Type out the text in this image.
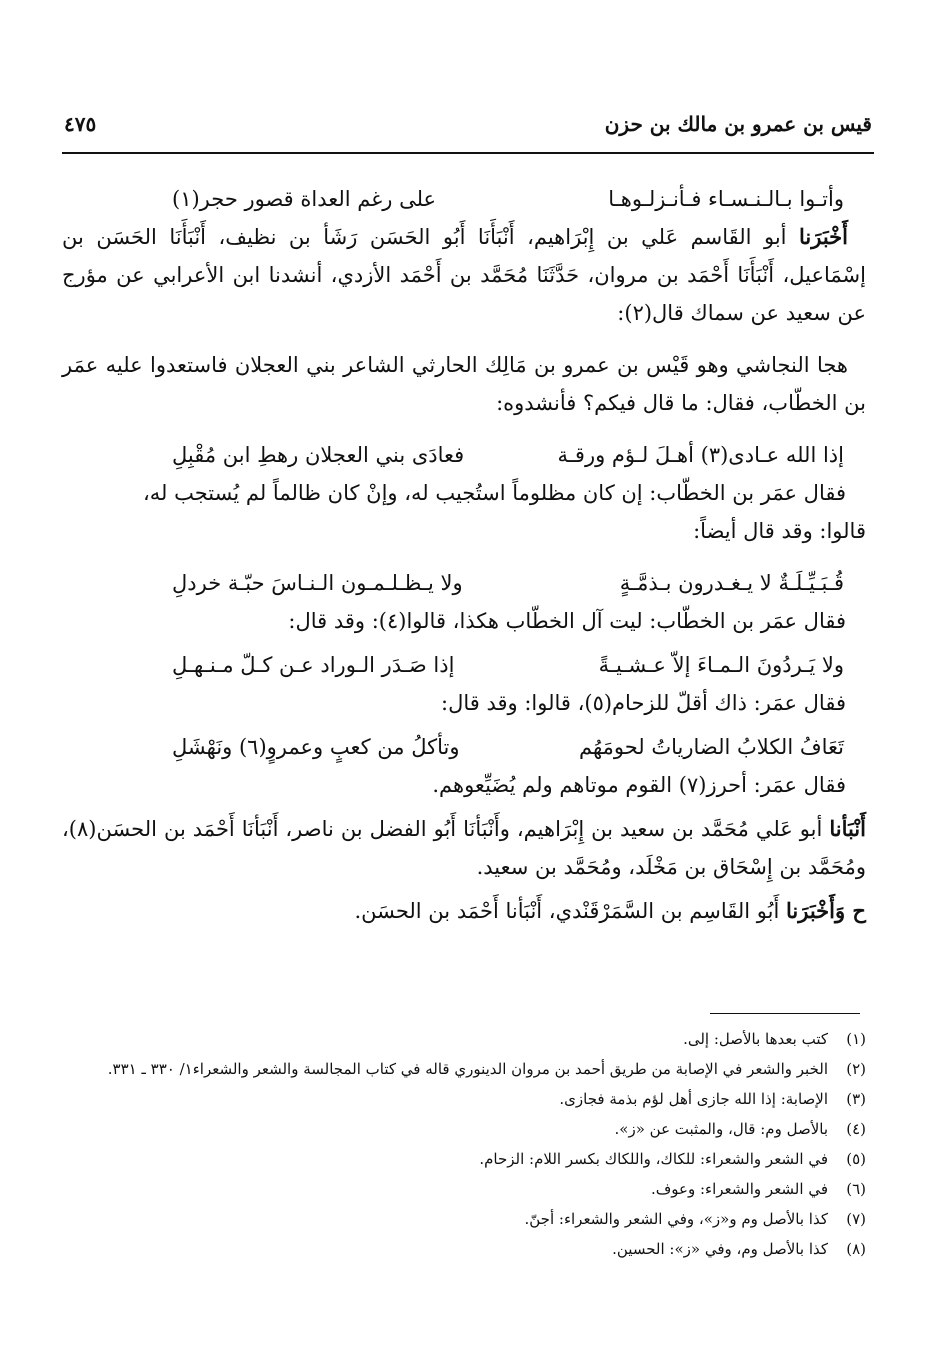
قيس بن عمرو بن مالك بن حزن
٤٧٥
وأتـوا بـالـنـسـاء فـأنـزلـوهـا
على رغم العداة قصور حجر(١)

أَخْبَرَنا أبو القَاسم عَلي بن إِبْرَاهيم، أَنْبَأَنَا أَبُو الحَسَن رَشَأ بن نظيف، أَنْبَأَنَا الحَسَن بن إسْمَاعيل، أَنْبَأَنَا أَحْمَد بن مروان، حَدَّثَنَا مُحَمَّد بن أَحْمَد الأزدي، أنشدنا ابن الأعرابي عن مؤرج عن سعيد عن سماك قال(٢):

هجا النجاشي وهو قَيْس بن عمرو بن مَالِك الحارثي الشاعر بني العجلان فاستعدوا عليه عمَر بن الخطّاب، فقال: ما قال فيكم؟ فأنشدوه:

إذا الله عـادى(٣) أهـلَ لـؤم ورقـة
فعادَى بني العجلان رهطِ ابن مُقْبِلِ
فقال عمَر بن الخطّاب: إن كان مظلوماً استُجيب له، وإنْ كان ظالماً لم يُستجب له،
قالوا: وقد قال أيضاً:
قُـبَـيِّـلَـةٌ لا يـغـدرون بـذمَّـةٍ
ولا يـظـلـمـون الـنـاسَ حبّـة خردلِ
فقال عمَر بن الخطّاب: ليت آل الخطّاب هكذا، قالوا(٤): وقد قال:
ولا يَـردُونَ الـمـاءَ إلاّ عـشـيـةً
إذا صَـدَر الـوراد عـن كـلّ مـنـهـلِ
فقال عمَر: ذاك أقلّ للزحام(٥)، قالوا: وقد قال:
تَعَافُ الكلابُ الضارياتُ لحومَهُم
وتأكلُ من كعبٍ وعمروٍ(٦) ونَهْشَلِ
فقال عمَر: أحرز(٧) القوم موتاهم ولم يُضَيِّعوهم.

أَنْبَأنا أبو عَلي مُحَمَّد بن سعيد بن إِبْرَاهيم، وأَنْبَأنَا أَبُو الفضل بن ناصر، أَنْبَأنَا أَحْمَد بن الحسَن(٨)، ومُحَمَّد بن إِسْحَاق بن مَخْلَد، ومُحَمَّد بن سعيد.

ح وَأَخْبَرَنا أَبُو القَاسِم بن السَّمَرْقَنْدي، أَنْبَأنا أَحْمَد بن الحسَن.

(١)
كتب بعدها بالأصل: إلى.
(٢)
الخبر والشعر في الإصابة من طريق أحمد بن مروان الدينوري قاله في كتاب المجالسة والشعر والشعراء١/ ٣٣٠ ـ ٣٣١.
(٣)
الإصابة: إذا الله جازى أهل لؤم بذمة فجازى.
(٤)
بالأصل وم: قال، والمثبت عن «ز».
(٥)
في الشعر والشعراء: للكاك، واللكاك بكسر اللام: الزحام.
(٦)
في الشعر والشعراء: وعوف.
(٧)
كذا بالأصل وم و«ز»، وفي الشعر والشعراء: أجنّ.
(٨)
كذا بالأصل وم، وفي «ز»: الحسين.
